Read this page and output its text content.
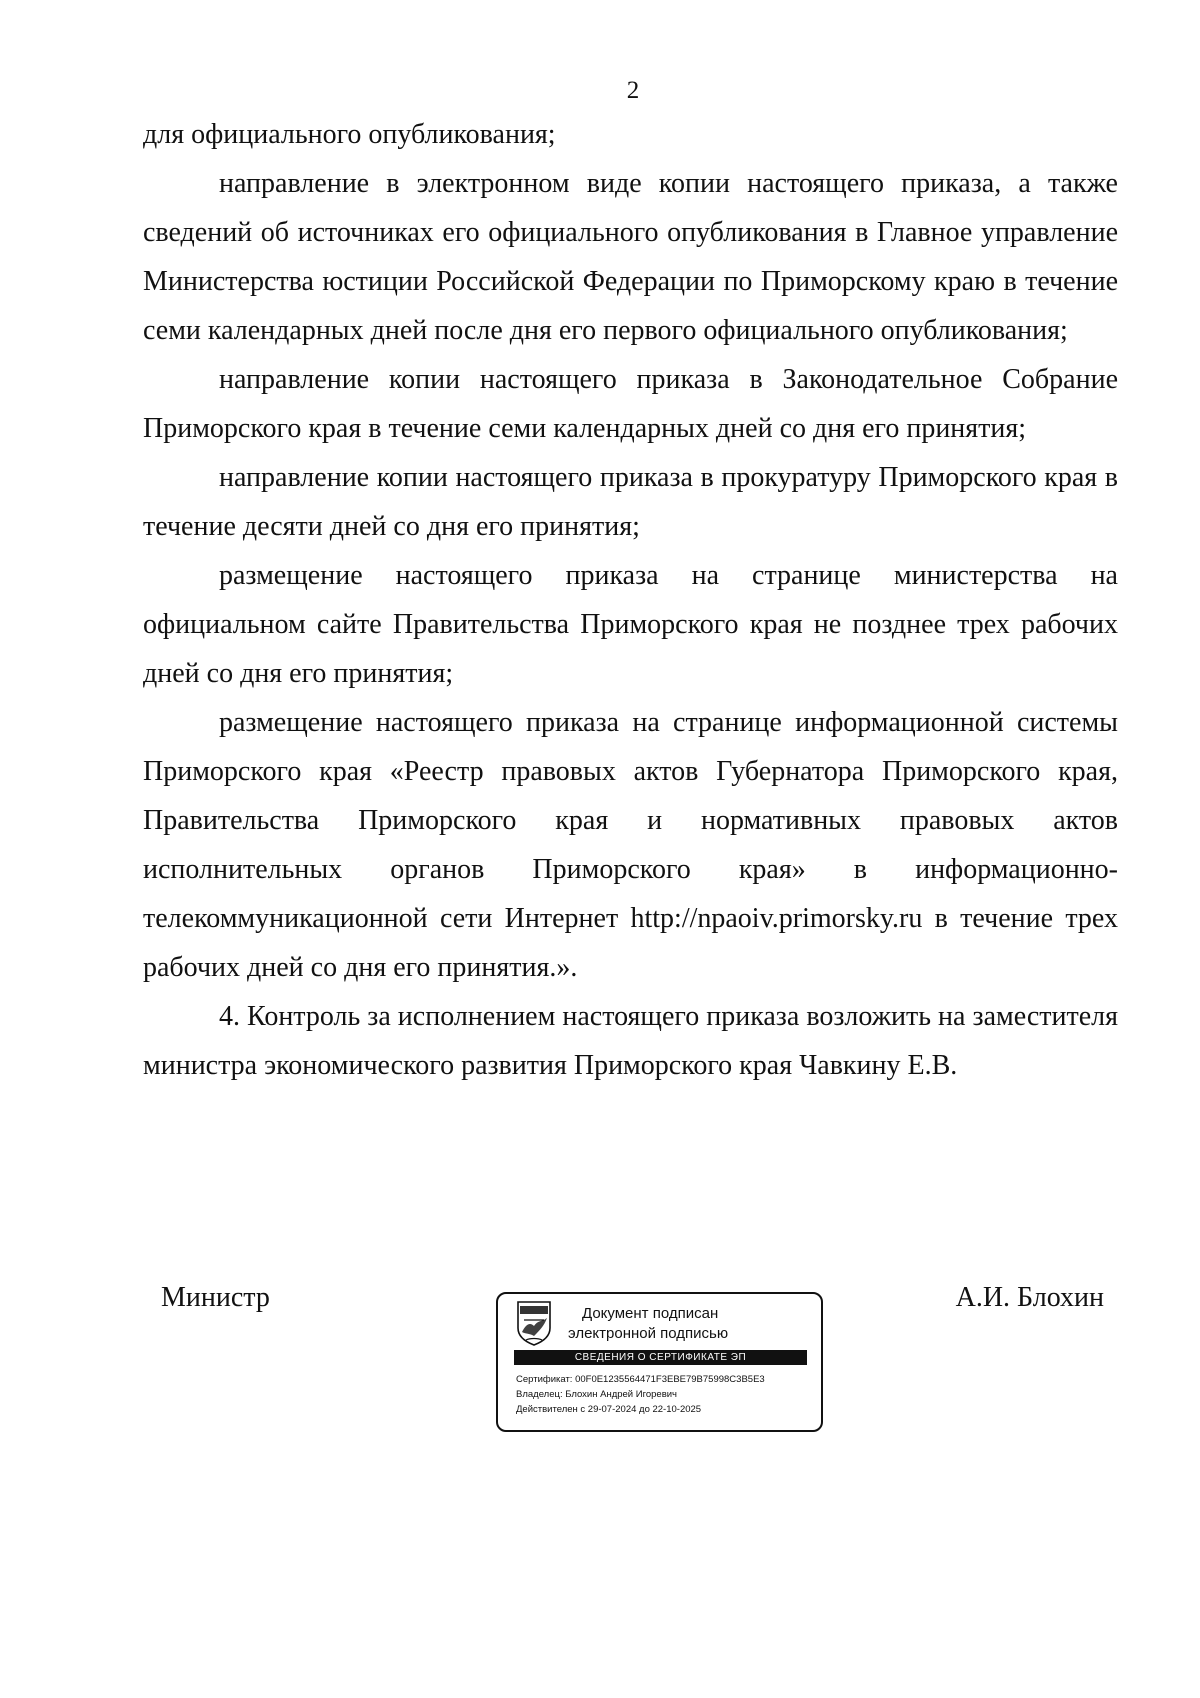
2

для официального опубликования;

направление в электронном виде копии настоящего приказа, а также сведений об источниках его официального опубликования в Главное управление Министерства юстиции Российской Федерации по Приморскому краю в течение семи календарных дней после дня его первого официального опубликования;

направление копии настоящего приказа в Законодательное Собрание Приморского края в течение семи календарных дней со дня его принятия;

направление копии настоящего приказа в прокуратуру Приморского края в течение десяти дней со дня его принятия;

размещение настоящего приказа на странице министерства на официальном сайте Правительства Приморского края не позднее трех рабочих дней со дня его принятия;

размещение настоящего приказа на странице информационной системы Приморского края «Реестр правовых актов Губернатора Приморского края, Правительства Приморского края и нормативных правовых актов исполнительных органов Приморского края» в информационно-телекоммуникационной сети Интернет http://npaoiv.primorsky.ru в течение трех рабочих дней со дня его принятия.».

4. Контроль за исполнением настоящего приказа возложить на заместителя министра экономического развития Приморского края Чавкину Е.В.

Министр
Документ подписан
электронной подписью
СВЕДЕНИЯ О СЕРТИФИКАТЕ ЭП
Сертификат: 00F0E1235564471F3EBE79B75998C3B5E3
Владелец: Блохин Андрей Игоревич
Действителен с 29-07-2024 до 22-10-2025
А.И. Блохин
